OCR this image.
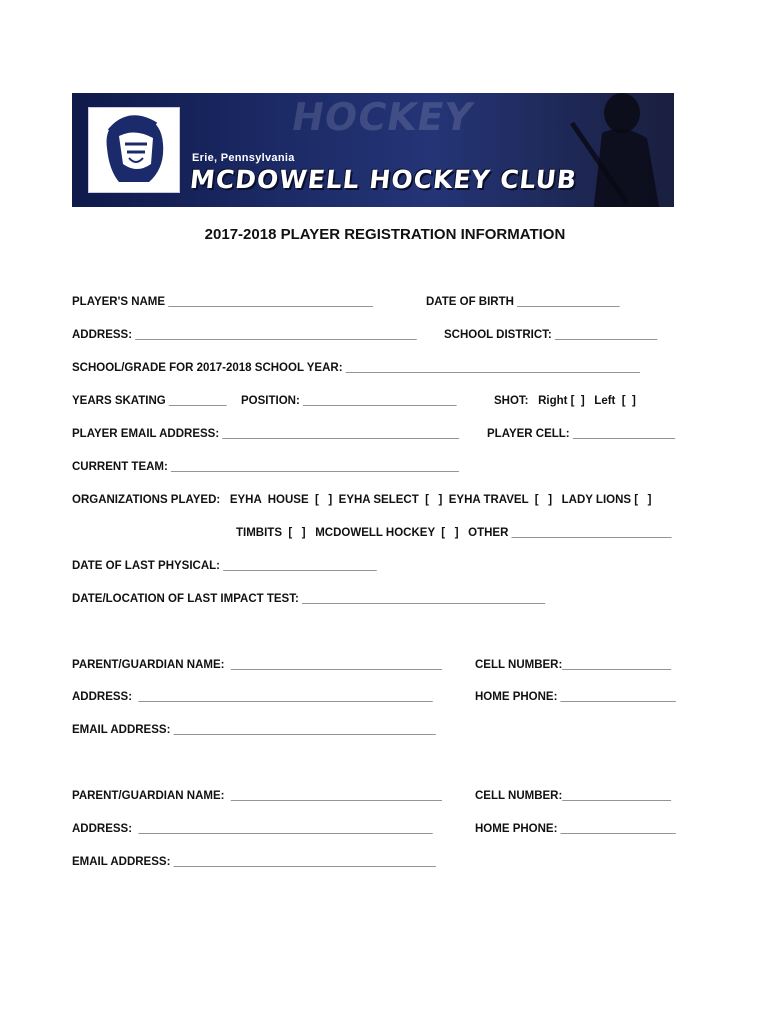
HOCKEY
Erie, Pennsylvania
MCDOWELL HOCKEY CLUB
2017-2018 PLAYER REGISTRATION INFORMATION
PLAYER'S NAME ________________________________	DATE OF BIRTH ________________
ADDRESS: ____________________________________________ SCHOOL DISTRICT: ________________
SCHOOL/GRADE FOR 2017-2018 SCHOOL YEAR: ______________________________________________
YEARS SKATING _________ POSITION: ________________________	SHOT:   Right [  ]   Left  [  ]
PLAYER EMAIL ADDRESS: _____________________________________ PLAYER CELL: ________________
CURRENT TEAM: _____________________________________________
ORGANIZATIONS PLAYED:   EYHA  HOUSE  [   ]  EYHA SELECT  [   ]  EYHA TRAVEL  [   ]   LADY LIONS [   ]
TIMBITS  [   ]   MCDOWELL HOCKEY  [   ]   OTHER _________________________
DATE OF LAST PHYSICAL: ________________________
DATE/LOCATION OF LAST IMPACT TEST: ______________________________________
PARENT/GUARDIAN NAME:  _________________________________	CELL NUMBER:_________________
ADDRESS:  ______________________________________________	HOME PHONE: __________________
EMAIL ADDRESS: _________________________________________
PARENT/GUARDIAN NAME:  _________________________________	CELL NUMBER:_________________
ADDRESS:  ______________________________________________	HOME PHONE: __________________
EMAIL ADDRESS: _________________________________________
